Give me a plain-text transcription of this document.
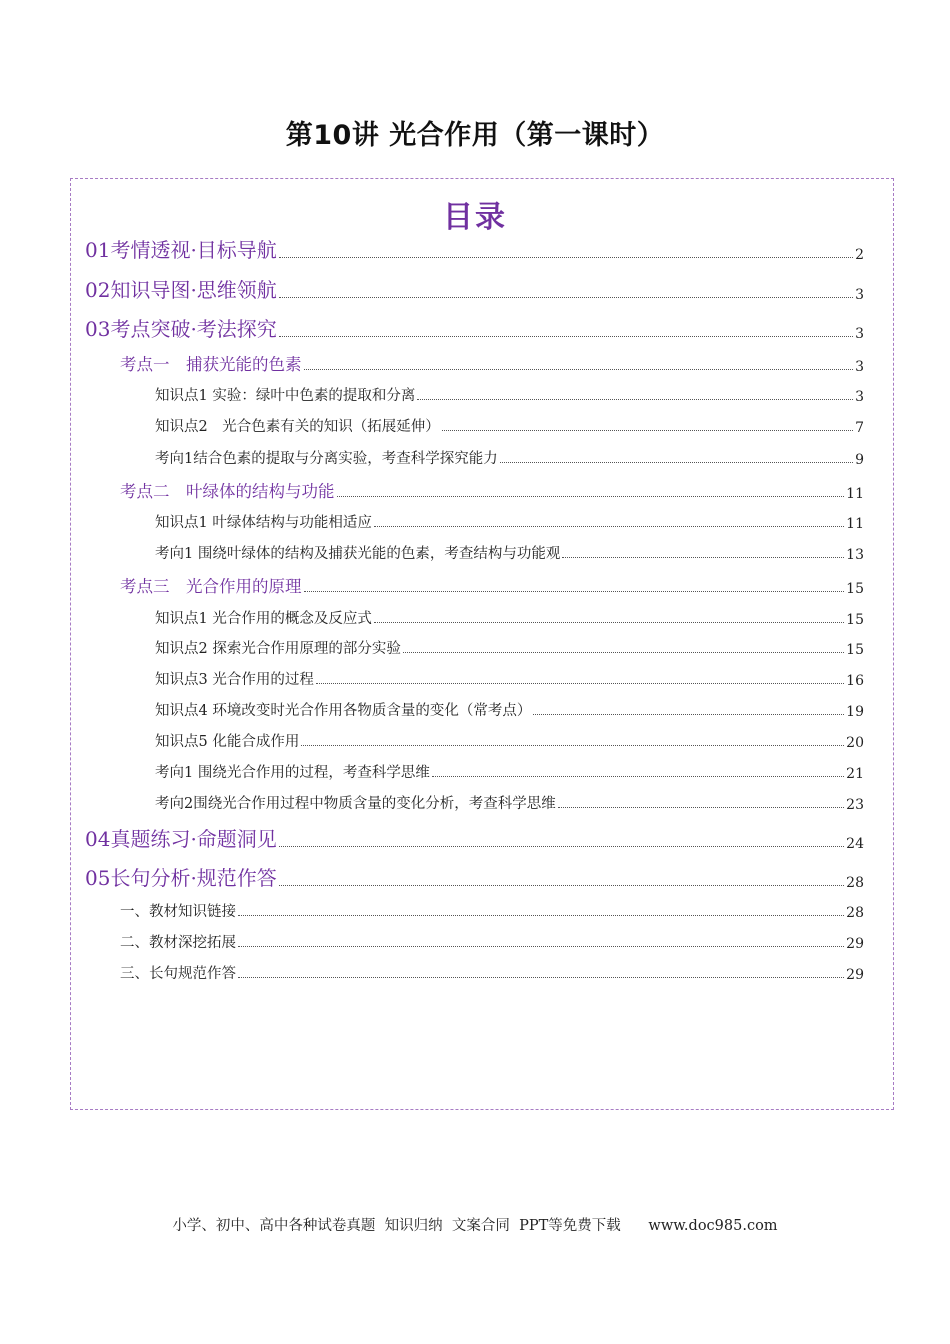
第10讲 光合作用（第一课时）
目录
01考情透视·目标导航	2
02知识导图·思维领航	3
03考点突破·考法探究	3
考点一　捕获光能的色素	3
知识点1 实验：绿叶中色素的提取和分离	3
知识点2　光合色素有关的知识（拓展延伸）	7
考向1结合色素的提取与分离实验，考查科学探究能力	9
考点二　叶绿体的结构与功能	11
知识点1 叶绿体结构与功能相适应	11
考向1 围绕叶绿体的结构及捕获光能的色素，考查结构与功能观	13
考点三　光合作用的原理	15
知识点1 光合作用的概念及反应式	15
知识点2 探索光合作用原理的部分实验	15
知识点3 光合作用的过程	16
知识点4 环境改变时光合作用各物质含量的变化（常考点）	19
知识点5 化能合成作用	20
考向1 围绕光合作用的过程，考查科学思维	21
考向2围绕光合作用过程中物质含量的变化分析，考查科学思维	23
04真题练习·命题洞见	24
05长句分析·规范作答	28
一、教材知识链接	28
二、教材深挖拓展	29
三、长句规范作答	29
小学、初中、高中各种试卷真题  知识归纳  文案合同  PPT等免费下载      www.doc985.com
